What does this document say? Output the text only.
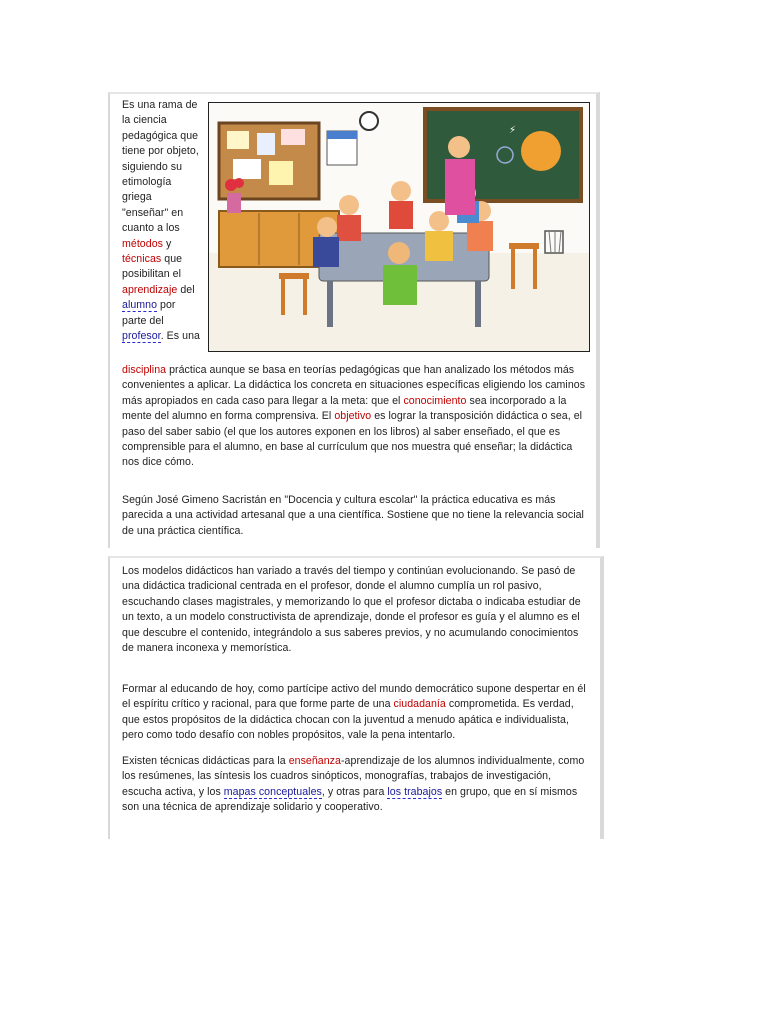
Es una rama de la ciencia pedagógica que tiene por objeto, siguiendo su etimología griega "enseñar" en cuanto a los métodos y técnicas que posibilitan el aprendizaje del alumno por parte del profesor. Es una
⚡
disciplina práctica aunque se basa en teorías pedagógicas que han analizado los métodos más convenientes a aplicar. La didáctica los concreta en situaciones específicas eligiendo los caminos más apropiados en cada caso para llegar a la meta: que el conocimiento sea incorporado a la mente del alumno en forma comprensiva. El objetivo es lograr la transposición didáctica o sea, el paso del saber sabio (el que los autores exponen en los libros) al saber enseñado, el que es comprensible para el alumno, en base al currículum que nos muestra qué enseñar; la didáctica nos dice cómo.

Según José Gimeno Sacristán en "Docencia y cultura escolar" la práctica educativa es más parecida a una actividad artesanal que a una científica. Sostiene que no tiene la relevancia social de una práctica científica.

Los modelos didácticos han variado a través del tiempo y continúan evolucionando. Se pasó de una didáctica tradicional centrada en el profesor, donde el alumno cumplía un rol pasivo, escuchando clases magistrales, y memorizando lo que el profesor dictaba o indicaba estudiar de un texto, a un modelo constructivista de aprendizaje, donde el profesor es guía y el alumno es el que descubre el contenido, integrándolo a sus saberes previos, y no acumulando conocimientos de manera inconexa y memorística.

Formar al educando de hoy, como partícipe activo del mundo democrático supone despertar en él el espíritu crítico y racional, para que forme parte de una ciudadanía comprometida. Es verdad, que estos propósitos de la didáctica chocan con la juventud a menudo apática e individualista, pero como todo desafío con nobles propósitos, vale la pena intentarlo.
Existen técnicas didácticas para la enseñanza-aprendizaje de los alumnos individualmente, como los resúmenes, las síntesis los cuadros sinópticos, monografías, trabajos de investigación, escucha activa, y los mapas conceptuales, y otras para los trabajos en grupo, que en sí mismos son una técnica de aprendizaje solidario y cooperativo.
